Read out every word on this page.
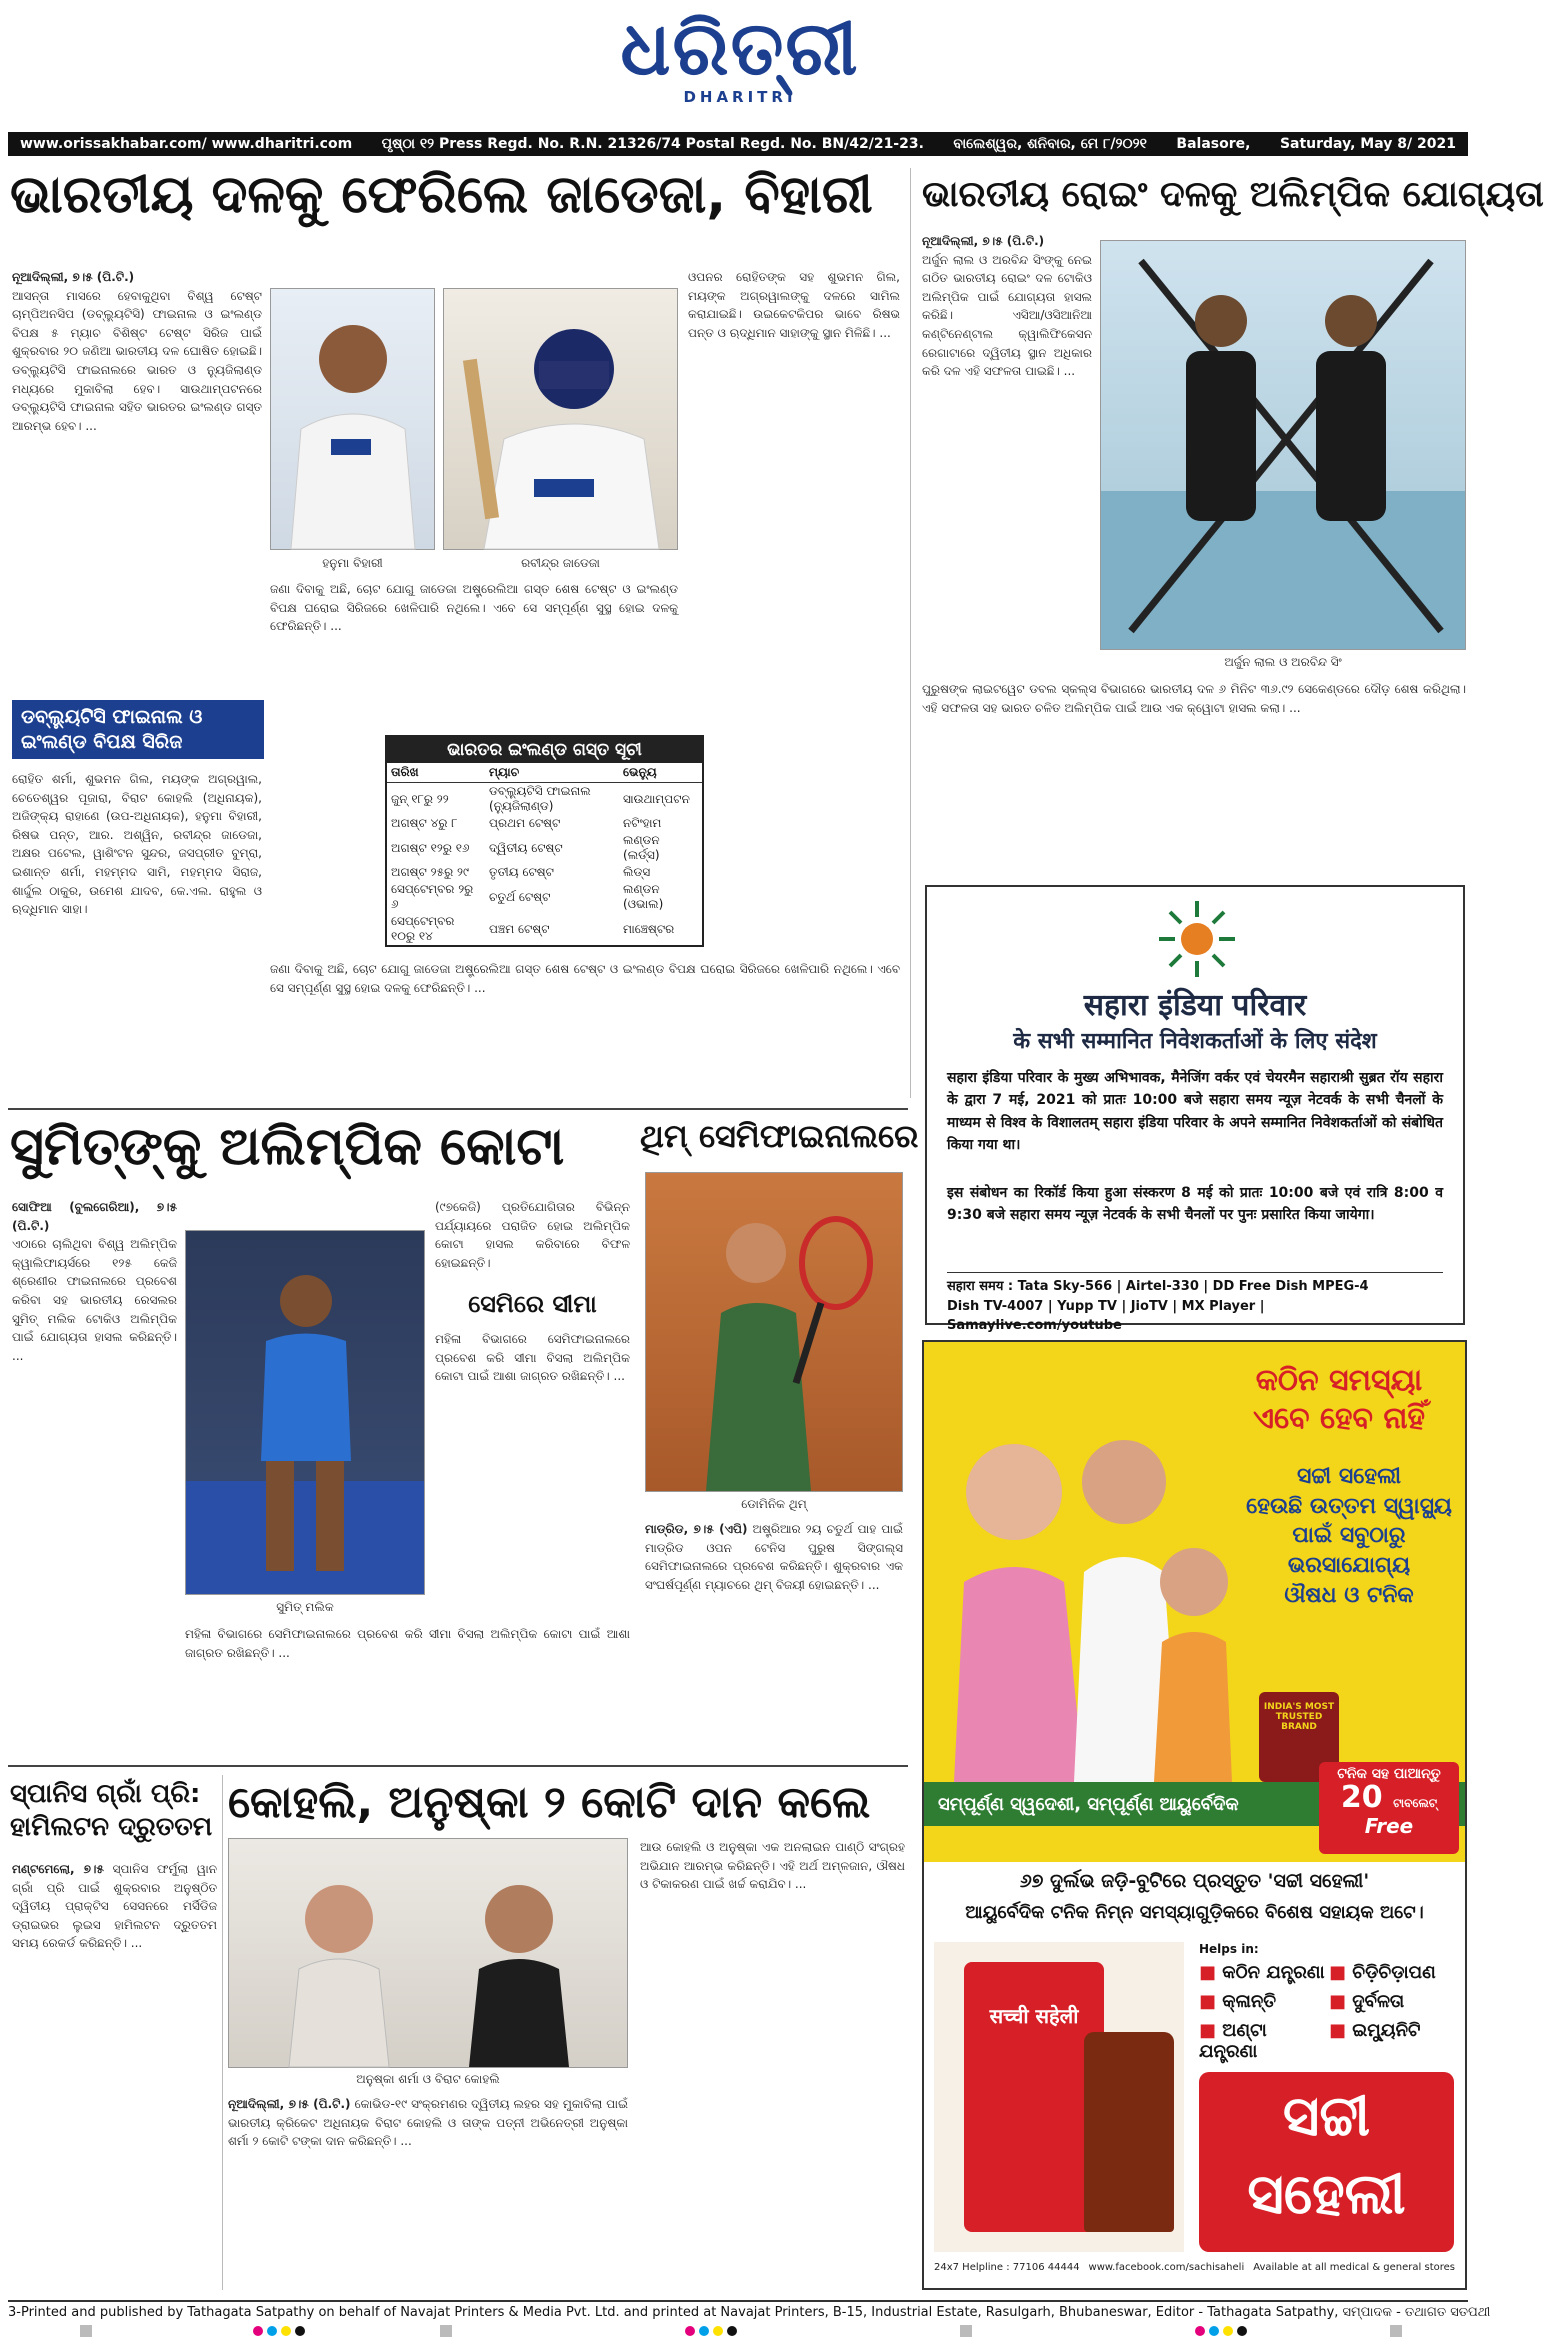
ଧରିତ୍ରୀ
DHARITRI
www.orissakhabar.com/ www.dharitri.com ପୃଷ୍ଠା ୧୨ Press Regd. No. R.N. 21326/74 Postal Regd. No. BN/42/21-23. ବାଲେଶ୍ୱର, ଶନିବାର, ମେ ୮/୨୦୨୧ Balasore, Saturday, May 8/ 2021
ଭାରତୀୟ ଦଳକୁ ଫେରିଲେ ଜାଡେଜା, ବିହାରୀ
ନୂଆଦିଲ୍ଲୀ, ୭।୫ (ପି.ଟି.)
ଆସନ୍ତା ମାସରେ ହେବାକୁଥିବା ବିଶ୍ୱ ଟେଷ୍ଟ ଚାମ୍ପିଅନସିପ (ଡବ୍ଲ୍ୟୁଟିସି) ଫାଇନାଲ ଓ ଇଂଲଣ୍ଡ ବିପକ୍ଷ ୫ ମ୍ୟାଚ ବିଶିଷ୍ଟ ଟେଷ୍ଟ ସିରିଜ ପାଇଁ ଶୁକ୍ରବାର ୨୦ ଜଣିଆ ଭାରତୀୟ ଦଳ ଘୋଷିତ ହୋଇଛି। ଡବ୍ଲ୍ୟୁଟିସି ଫାଇନାଲରେ ଭାରତ ଓ ନ୍ୟୁଜିଲାଣ୍ଡ ମଧ୍ୟରେ ମୁକାବିଲା ହେବ। ସାଉଥାମ୍ପଟନରେ ଡବ୍ଲ୍ୟୁଟିସି ଫାଇନାଲ ସହିତ ଭାରତର ଇଂଲଣ୍ଡ ଗସ୍ତ ଆରମ୍ଭ ହେବ। ...
ହନୁମା ବିହାରୀ	ରବୀନ୍ଦ୍ର ଜାଡେଜା
ଓପନର ରୋହିତଙ୍କ ସହ ଶୁଭମନ ଗିଲ, ମୟଙ୍କ ଅଗ୍ରୱାଲଙ୍କୁ ଦଳରେ ସାମିଲ କରାଯାଇଛି। ଉଇକେଟକିପର ଭାବେ ରିଷଭ ପନ୍ତ ଓ ଋଦ୍ଧିମାନ ସାହାଙ୍କୁ ସ୍ଥାନ ମିଳିଛି। ...
ଜଣା ଦିବାକୁ ଅଛି, ଚୋଟ ଯୋଗୁ ଜାଡେଜା ଅଷ୍ଟ୍ରେଲିଆ ଗସ୍ତ ଶେଷ ଟେଷ୍ଟ ଓ ଇଂଲଣ୍ଡ ବିପକ୍ଷ ଘରୋଇ ସିରିଜରେ ଖେଳିପାରି ନଥିଲେ। ଏବେ ସେ ସମ୍ପୂର୍ଣ୍ଣ ସୁସ୍ଥ ହୋଇ ଦଳକୁ ଫେରିଛନ୍ତି। ...
ଡବ୍ଲ୍ୟୁଟିସି ଫାଇନାଲ ଓ ଇଂଲଣ୍ଡ ବିପକ୍ଷ ସିରିଜ
ରୋହିତ ଶର୍ମା, ଶୁଭମନ ଗିଲ, ମୟଙ୍କ ଅଗ୍ରୱାଲ, ଚେତେଶ୍ୱର ପୂଜାରା, ବିରାଟ କୋହଲି (ଅଧିନାୟକ), ଅଜିଙ୍କ୍ୟ ରାହାଣେ (ଉପ-ଅଧିନାୟକ), ହନୁମା ବିହାରୀ, ରିଷଭ ପନ୍ତ, ଆର. ଅଶ୍ୱିନ, ରବୀନ୍ଦ୍ର ଜାଡେଜା, ଅକ୍ଷର ପଟେଲ, ୱାଶିଂଟନ ସୁନ୍ଦର, ଜସପ୍ରୀତ ବୁମ୍ରା, ଇଶାନ୍ତ ଶର୍ମା, ମହମ୍ମଦ ସାମି, ମହମ୍ମଦ ସିରାଜ, ଶାର୍ଦ୍ଦୁଲ ଠାକୁର, ଉମେଶ ଯାଦବ, କେ.ଏଲ. ରାହୁଲ ଓ ଋଦ୍ଧିମାନ ସାହା।
ଭାରତର ଇଂଲଣ୍ଡ ଗସ୍ତ ସୂଚୀ
ତାରିଖ	ମ୍ୟାଚ	ଭେନ୍ୟୁ
ଜୁନ୍ ୧୮ରୁ ୨୨	ଡବ୍ଲ୍ୟୁଟିସି ଫାଇନାଲ (ନ୍ୟୁଜିଲାଣ୍ଡ)	ସାଉଥାମ୍ପଟନ
ଅଗଷ୍ଟ ୪ରୁ ୮	ପ୍ରଥମ ଟେଷ୍ଟ	ନଟିଂହାମ
ଅଗଷ୍ଟ ୧୨ରୁ ୧୬	ଦ୍ୱିତୀୟ ଟେଷ୍ଟ	ଲଣ୍ଡନ (ଲର୍ଡ୍ସ)
ଅଗଷ୍ଟ ୨୫ରୁ ୨୯	ତୃତୀୟ ଟେଷ୍ଟ	ଲିଡ୍ସ
ସେପ୍ଟେମ୍ବର ୨ରୁ ୬	ଚତୁର୍ଥ ଟେଷ୍ଟ	ଲଣ୍ଡନ (ଓଭାଲ)
ସେପ୍ଟେମ୍ବର ୧୦ରୁ ୧୪	ପଞ୍ଚମ ଟେଷ୍ଟ	ମାଞ୍ଚେଷ୍ଟର
ଜଣା ଦିବାକୁ ଅଛି, ଚୋଟ ଯୋଗୁ ଜାଡେଜା ଅଷ୍ଟ୍ରେଲିଆ ଗସ୍ତ ଶେଷ ଟେଷ୍ଟ ଓ ଇଂଲଣ୍ଡ ବିପକ୍ଷ ଘରୋଇ ସିରିଜରେ ଖେଳିପାରି ନଥିଲେ। ଏବେ ସେ ସମ୍ପୂର୍ଣ୍ଣ ସୁସ୍ଥ ହୋଇ ଦଳକୁ ଫେରିଛନ୍ତି। ...
ଭାରତୀୟ ରୋଇଂ ଦଳକୁ ଅଲିମ୍ପିକ ଯୋଗ୍ୟତା
ନୂଆଦିଲ୍ଲୀ, ୭।୫ (ପି.ଟି.)
ଅର୍ଜୁନ ଲାଲ ଓ ଅରବିନ୍ଦ ସିଂଙ୍କୁ ନେଇ ଗଠିତ ଭାରତୀୟ ରୋଇଂ ଦଳ ଟୋକିଓ ଅଲିମ୍ପିକ ପାଇଁ ଯୋଗ୍ୟତା ହାସଲ କରିଛି। ଏସିଆ/ଓସିଆନିଆ କଣ୍ଟିନେଣ୍ଟାଲ କ୍ୱାଲିଫିକେସନ ରେଗାଟାରେ ଦ୍ୱିତୀୟ ସ୍ଥାନ ଅଧିକାର କରି ଦଳ ଏହି ସଫଳତା ପାଇଛି। ...
ଅର୍ଜୁନ ଲାଲ ଓ ଅରବିନ୍ଦ ସିଂ
ପୁରୁଷଙ୍କ ଲାଇଟୱେଟ ଡବଲ ସ୍କଲ୍ସ ବିଭାଗରେ ଭାରତୀୟ ଦଳ ୬ ମିନିଟ ୩୬.୯୨ ସେକେଣ୍ଡରେ ଦୌଡ଼ ଶେଷ କରିଥିଲା। ଏହି ସଫଳତା ସହ ଭାରତ ଚଳିତ ଅଲିମ୍ପିକ ପାଇଁ ଆଉ ଏକ କ୍ୱୋଟା ହାସଲ କଲା। ...
सहारा इंडिया परिवार
के सभी सम्मानित निवेशकर्ताओं के लिए संदेश
सहारा इंडिया परिवार के मुख्य अभिभावक, मैनेजिंग वर्कर एवं चेयरमैन सहाराश्री सुब्रत रॉय सहारा के द्वारा 7 मई, 2021 को प्रातः 10:00 बजे सहारा समय न्यूज़ नेटवर्क के सभी चैनलों के माध्यम से विश्व के विशालतम् सहारा इंडिया परिवार के अपने सम्मानित निवेशकर्ताओं को संबोधित किया गया था।
इस संबोधन का रिकॉर्ड किया हुआ संस्करण 8 मई को प्रातः 10:00 बजे एवं रात्रि 8:00 व 9:30 बजे सहारा समय न्यूज़ नेटवर्क के सभी चैनलों पर पुनः प्रसारित किया जायेगा।
सहारा समय : Tata Sky-566 | Airtel-330 | DD Free Dish MPEG-4
Dish TV-4007 | Yupp TV | JioTV | MX Player | Samaylive.com/youtube
ସୁମିତ୍‌ଙ୍କୁ ଅଲିମ୍ପିକ କୋଟା
ସୋଫିଆ (ବୁଲଗେରିଆ), ୭।୫ (ପି.ଟି.)
ଏଠାରେ ଚାଲିଥିବା ବିଶ୍ୱ ଅଲିମ୍ପିକ କ୍ୱାଲିଫାୟର୍ସରେ ୧୨୫ କେଜି ଶ୍ରେଣୀର ଫାଇନାଲରେ ପ୍ରବେଶ କରିବା ସହ ଭାରତୀୟ ରେସଲର ସୁମିତ୍ ମଲିକ ଟୋକିଓ ଅଲିମ୍ପିକ ପାଇଁ ଯୋଗ୍ୟତା ହାସଲ କରିଛନ୍ତି। ...
ସୁମିତ୍ ମଲିକ
(୯୭କେଜି) ପ୍ରତିଯୋଗିତାର ବିଭିନ୍ନ ପର୍ଯ୍ୟାୟରେ ପରାଜିତ ହୋଇ ଅଲିମ୍ପିକ କୋଟା ହାସଲ କରିବାରେ ବିଫଳ ହୋଇଛନ୍ତି।
ସେମିରେ ସୀମା
ମହିଳା ବିଭାଗରେ ସେମିଫାଇନାଲରେ ପ୍ରବେଶ କରି ସୀମା ବିସଲା ଅଲିମ୍ପିକ କୋଟା ପାଇଁ ଆଶା ଜାଗ୍ରତ ରଖିଛନ୍ତି। ...
ମହିଳା ବିଭାଗରେ ସେମିଫାଇନାଲରେ ପ୍ରବେଶ କରି ସୀମା ବିସଲା ଅଲିମ୍ପିକ କୋଟା ପାଇଁ ଆଶା ଜାଗ୍ରତ ରଖିଛନ୍ତି। ...
ଥିମ୍ ସେମିଫାଇନାଲରେ
ଡୋମିନିକ ଥିମ୍
ମାଡ୍ରିଡ, ୭।୫ (ଏପି) ଅଷ୍ଟ୍ରିଆର ୨ୟ ଚତୁର୍ଥ ପାହ ପାଇଁ ମାଡ୍ରିଡ ଓପନ ଟେନିସ ପୁରୁଷ ସିଙ୍ଗଲ୍ସ ସେମିଫାଇନାଲରେ ପ୍ରବେଶ କରିଛନ୍ତି। ଶୁକ୍ରବାର ଏକ ସଂଘର୍ଷପୂର୍ଣ୍ଣ ମ୍ୟାଚରେ ଥିମ୍ ବିଜୟୀ ହୋଇଛନ୍ତି। ...
ସ୍ପାନିସ ଗ୍ରାଁ ପ୍ରି: ହାମିଲଟନ ଦ୍ରୁତତମ
ମଣ୍ଟମେଲୋ, ୭।୫ ସ୍ପାନିସ ଫର୍ମୁଲା ୱାନ ଗ୍ରାଁ ପ୍ରି ପାଇଁ ଶୁକ୍ରବାର ଅନୁଷ୍ଠିତ ଦ୍ୱିତୀୟ ପ୍ରାକ୍ଟିସ ସେସନରେ ମର୍ସିଡିଜ ଡ୍ରାଇଭର ଲୁଇସ ହାମିଲଟନ ଦ୍ରୁତତମ ସମୟ ରେକର୍ଡ କରିଛନ୍ତି। ...
କୋହଲି, ଅନୁଷ୍କା ୨ କୋଟି ଦାନ କଲେ
ଅନୁଷ୍କା ଶର୍ମା ଓ ବିରାଟ କୋହଲି
ନୂଆଦିଲ୍ଲୀ, ୭।୫ (ପି.ଟି.) କୋଭିଡ-୧୯ ସଂକ୍ରମଣର ଦ୍ୱିତୀୟ ଲହର ସହ ମୁକାବିଲା ପାଇଁ ଭାରତୀୟ କ୍ରିକେଟ ଅଧିନାୟକ ବିରାଟ କୋହଲି ଓ ତାଙ୍କ ପତ୍ନୀ ଅଭିନେତ୍ରୀ ଅନୁଷ୍କା ଶର୍ମା ୨ କୋଟି ଟଙ୍କା ଦାନ କରିଛନ୍ତି। ...
ଆଉ କୋହଲି ଓ ଅନୁଷ୍କା ଏକ ଅନଲାଇନ ପାଣ୍ଠି ସଂଗ୍ରହ ଅଭିଯାନ ଆରମ୍ଭ କରିଛନ୍ତି। ଏହି ଅର୍ଥ ଅମ୍ଳଜାନ, ଔଷଧ ଓ ଟିକାକରଣ ପାଇଁ ଖର୍ଚ୍ଚ କରାଯିବ। ...
କଠିନ ସମସ୍ୟା
ଏବେ ହେବ ନାହିଁ
ସଚ୍ଚୀ ସହେଲୀ
ହେଉଛି ଉତ୍ତମ ସ୍ୱାସ୍ଥ୍ୟ
ପାଇଁ ସବୁଠାରୁ
ଭରସାଯୋଗ୍ୟ
ଔଷଧ ଓ ଟନିକ
INDIA'S MOST TRUSTED BRAND
ସମ୍ପୂର୍ଣ୍ଣ ସ୍ୱଦେଶୀ, ସମ୍ପୂର୍ଣ୍ଣ ଆୟୁର୍ବେଦିକ
ଟନିକ ସହ ପାଆନ୍ତୁ
20 ଟାବଲେଟ୍
Free
୬୭ ଦୁର୍ଲଭ ଜଡ଼ି-ବୁଟିରେ ପ୍ରସ୍ତୁତ 'ସଚ୍ଚୀ ସହେଲୀ'
ଆୟୁର୍ବେଦିକ ଟନିକ ନିମ୍ନ ସମସ୍ୟାଗୁଡ଼ିକରେ ବିଶେଷ ସହାୟକ ଅଟେ।
सच्ची सहेली
Helps in:
■ କଠିନ ଯନ୍ତ୍ରଣା ■ ଚିଡ଼ିଚିଡ଼ାପଣ
■ କ୍ଳାନ୍ତି	■ ଦୁର୍ବଳତା
■ ଅଣ୍ଟା ଯନ୍ତ୍ରଣା
■ ଇମ୍ୟୁନିଟି
ସଚ୍ଚୀ
ସହେଲୀ
24x7 Helpline : 77106 44444 www.facebook.com/sachisaheli Available at all medical & general stores
3-Printed and published by Tathagata Satpathy on behalf of Navajat Printers & Media Pvt. Ltd. and printed at Navajat Printers, B-15, Industrial Estate, Rasulgarh, Bhubaneswar, Editor - Tathagata Satpathy, ସମ୍ପାଦକ - ତଥାଗତ ସତପଥୀ
